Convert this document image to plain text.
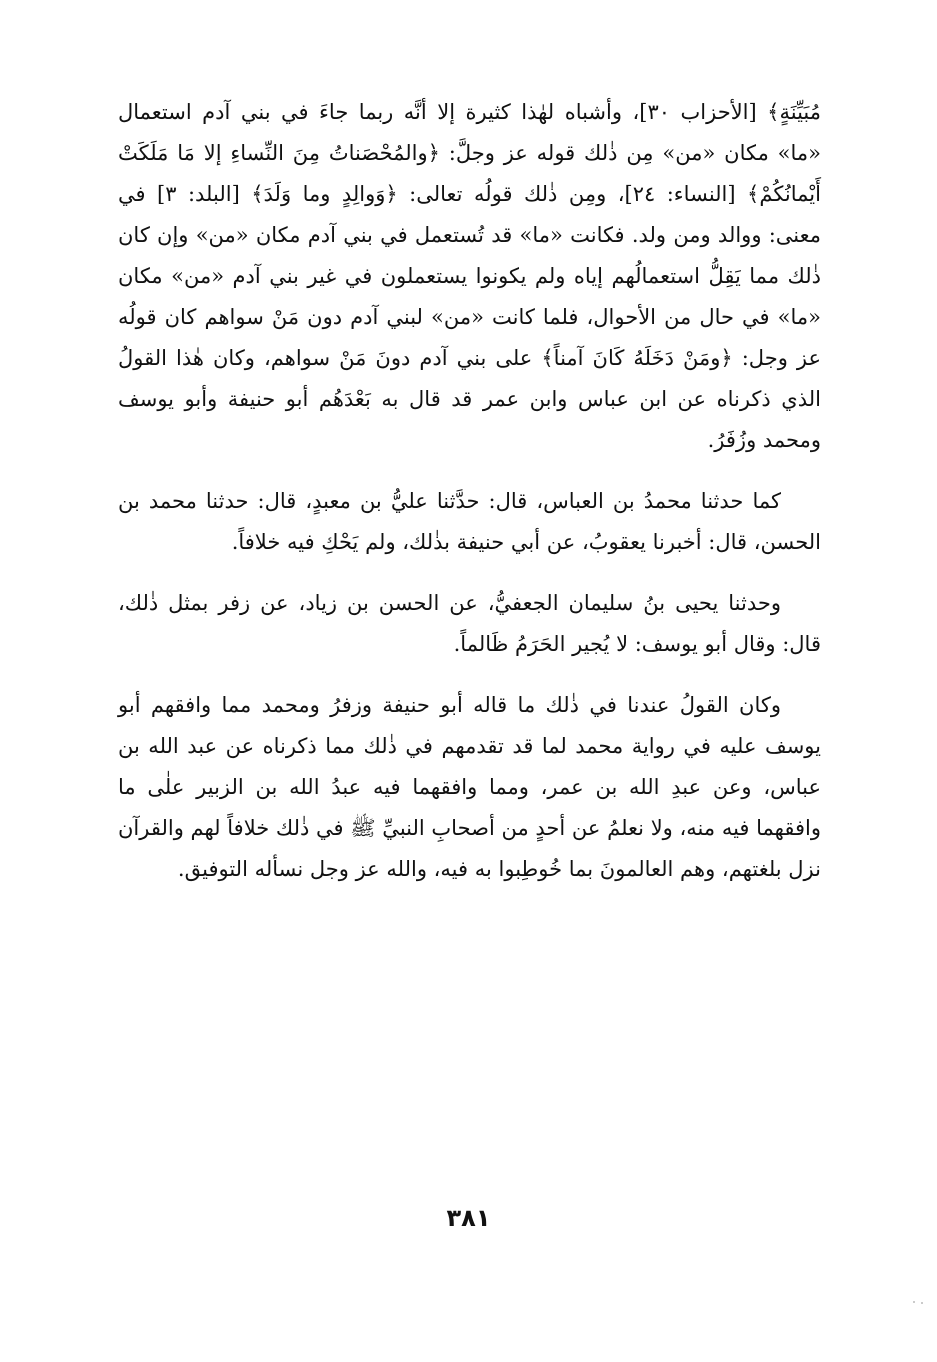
مُبَيِّنَةٍ﴾ [الأحزاب ٣٠]، وأشباه لهٰذا كثيرة إلا أنَّه ربما جاءَ في بني آدم استعمال «ما» مكان «من» مِن ذٰلك قوله عز وجلَّ: ﴿والمُحْصَناتُ مِنَ النِّساءِ إلا مَا مَلَكَتْ أَيْمانُكُمْ﴾ [النساء: ٢٤]، ومِن ذٰلك قولُه تعالى: ﴿وَوالِدٍ وما وَلَدَ﴾ [البلد: ٣] في معنى: ووالد ومن ولد. فكانت «ما» قد تُستعمل في بني آدم مكان «من» وإن كان ذٰلك مما يَقِلُّ استعمالُهم إياه ولم يكونوا يستعملون في غير بني آدم «من» مكان «ما» في حال من الأحوال، فلما كانت «من» لبني آدم دون مَنْ سواهم كان قولُه عز وجل: ﴿ومَنْ دَخَلَهُ كَانَ آمناً﴾ على بني آدم دونَ مَنْ سواهم، وكان هٰذا القولُ الذي ذكرناه عن ابن عباس وابن عمر قد قال به بَعْدَهُم أبو حنيفة وأبو يوسف ومحمد وزُفَرُ.

كما حدثنا محمدُ بن العباس، قال: حدَّثنا عليُّ بن معبدٍ، قال: حدثنا محمد بن الحسن، قال: أخبرنا يعقوبُ، عن أبي حنيفة بذٰلك، ولم يَحْكِ فيه خلافاً.

وحدثنا يحيى بنُ سليمان الجعفيُّ، عن الحسن بن زياد، عن زفر بمثل ذٰلك، قال: وقال أبو يوسف: لا يُجير الحَرَمُ ظَالماً.

وكان القولُ عندنا في ذٰلك ما قاله أبو حنيفة وزفرُ ومحمد مما وافقهم أبو يوسف عليه في رواية محمد لما قد تقدمهم في ذٰلك مما ذكرناه عن عبد الله بن عباس، وعن عبدِ الله بن عمر، ومما وافقهما فيه عبدُ الله بن الزبير علٰى ما وافقهما فيه منه، ولا نعلمُ عن أحدٍ من أصحابِ النبيِّ ﷺ في ذٰلك خلافاً لهم والقرآن نزل بلغتهم، وهم العالمونَ بما خُوطِبوا به فيه، والله عز وجل نسأله التوفيق.

٣٨١
